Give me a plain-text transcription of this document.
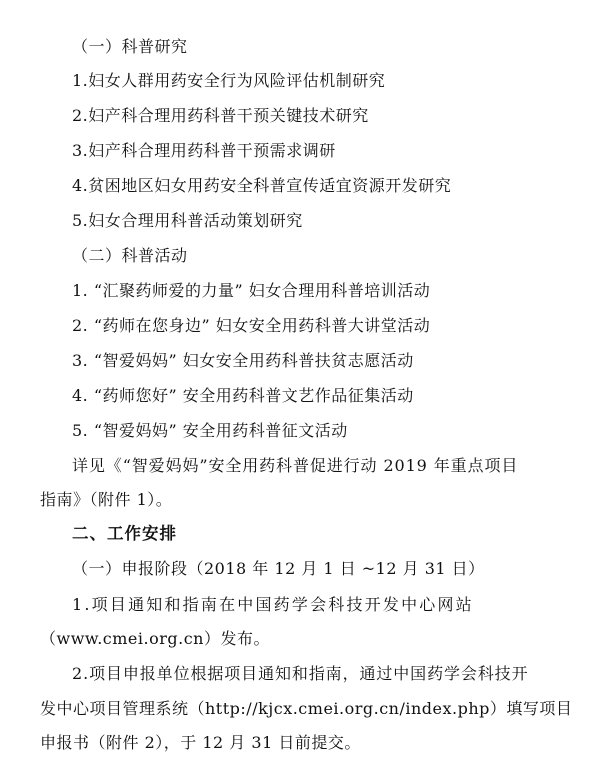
（一）科普研究
1.妇女人群用药安全行为风险评估机制研究
2.妇产科合理用药科普干预关键技术研究
3.妇产科合理用药科普干预需求调研
4.贫困地区妇女用药安全科普宣传适宜资源开发研究
5.妇女合理用科普活动策划研究
（二）科普活动
1. “汇聚药师爱的力量” 妇女合理用科普培训活动
2. “药师在您身边” 妇女安全用药科普大讲堂活动
3. “智爱妈妈” 妇女安全用药科普扶贫志愿活动
4. “药师您好” 安全用药科普文艺作品征集活动
5. “智爱妈妈” 安全用药科普征文活动
详见《“智爱妈妈”安全用药科普促进行动 2019 年重点项目
指南》（附件 1）。
二、工作安排
（一）申报阶段（2018 年 12 月 1 日 ~12 月 31 日）
1.项目通知和指南在中国药学会科技开发中心网站
（www.cmei.org.cn）发布。
2.项目申报单位根据项目通知和指南，通过中国药学会科技开
发中心项目管理系统（http://kjcx.cmei.org.cn/index.php）填写项目
申报书（附件 2），于 12 月 31 日前提交。
